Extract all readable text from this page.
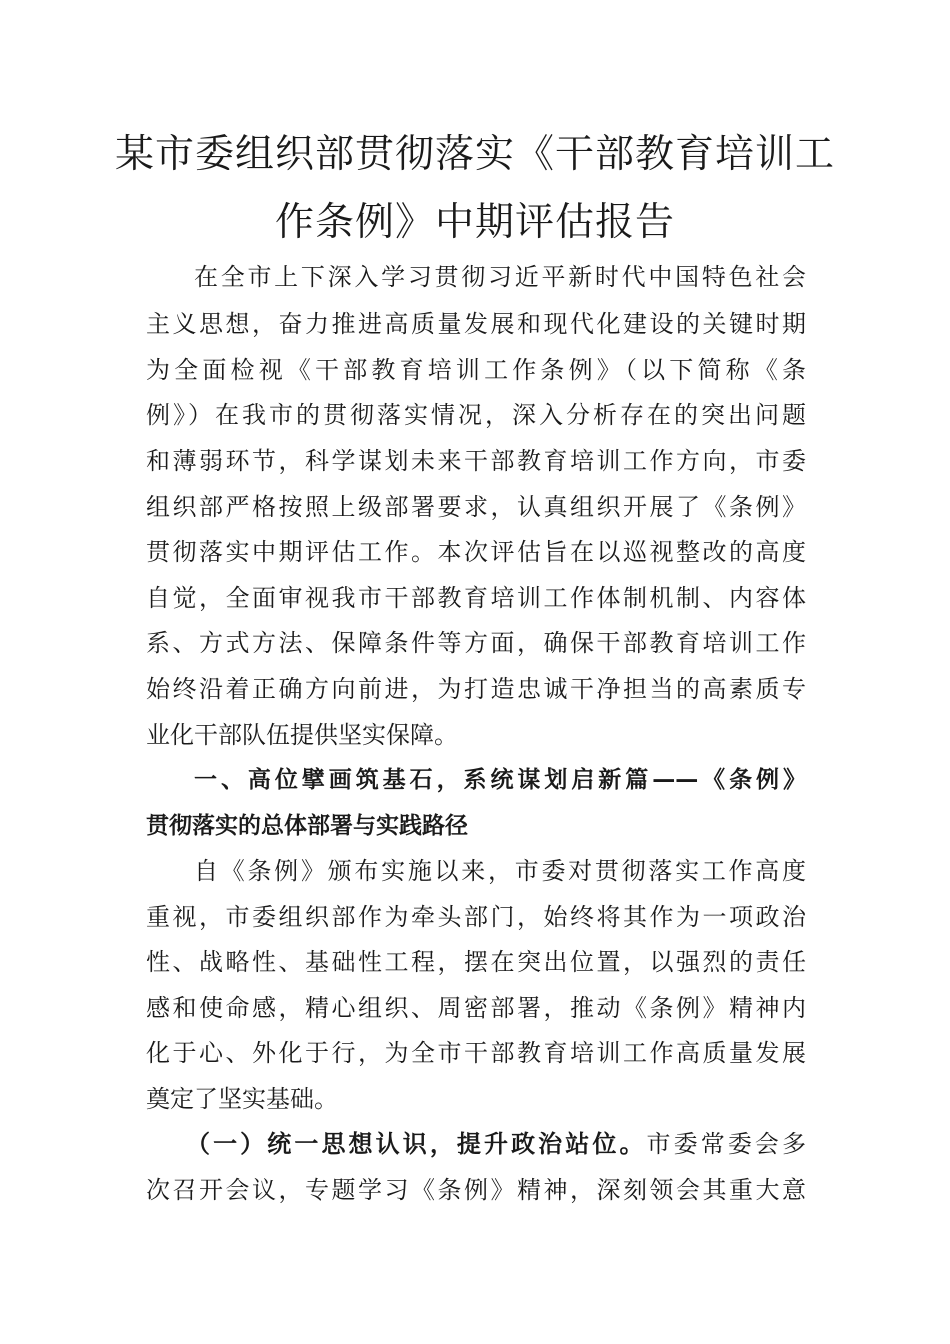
某市委组织部贯彻落实《干部教育培训工
作条例》中期评估报告
在全市上下深入学习贯彻习近平新时代中国特色社会
主义思想，奋力推进高质量发展和现代化建设的关键时期
为全面检视《干部教育培训工作条例》（以下简称《条
例》）在我市的贯彻落实情况，深入分析存在的突出问题
和薄弱环节，科学谋划未来干部教育培训工作方向，市委
组织部严格按照上级部署要求，认真组织开展了《条例》
贯彻落实中期评估工作。本次评估旨在以巡视整改的高度
自觉，全面审视我市干部教育培训工作体制机制、内容体
系、方式方法、保障条件等方面，确保干部教育培训工作
始终沿着正确方向前进，为打造忠诚干净担当的高素质专
业化干部队伍提供坚实保障。
一、高位擘画筑基石，系统谋划启新篇——《条例》
贯彻落实的总体部署与实践路径
自《条例》颁布实施以来，市委对贯彻落实工作高度
重视，市委组织部作为牵头部门，始终将其作为一项政治
性、战略性、基础性工程，摆在突出位置，以强烈的责任
感和使命感，精心组织、周密部署，推动《条例》精神内
化于心、外化于行，为全市干部教育培训工作高质量发展
奠定了坚实基础。
（一）统一思想认识，提升政治站位。市委常委会多
次召开会议，专题学习《条例》精神，深刻领会其重大意
